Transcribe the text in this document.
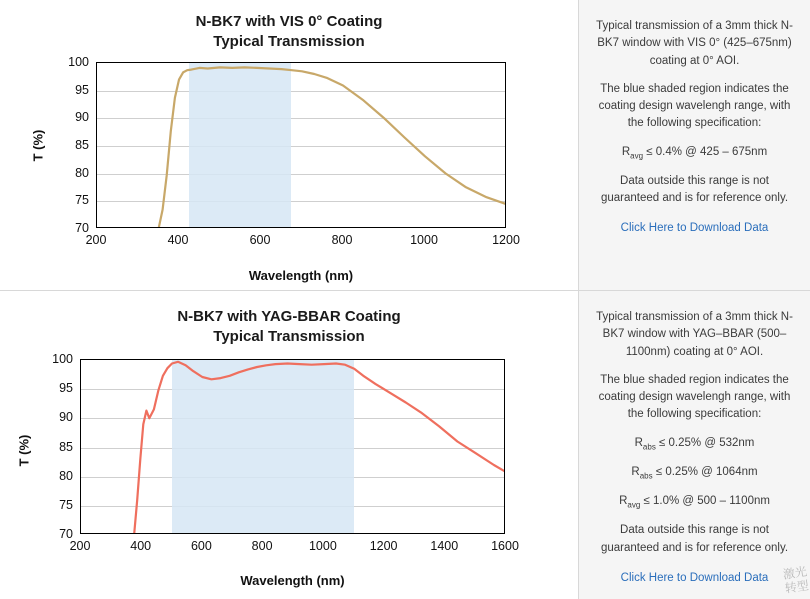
N-BK7 with VIS 0° Coating
Typical Transmission
70
75
80
85
90
95
100
200	400	600	800	1000	1200
T (%)
Wavelength (nm)

Typical transmission of a 3mm thick N-BK7 window with VIS 0° (425–675nm) coating at 0° AOI.

The blue shaded region indicates the coating design wavelengh range, with the following specification:

$R_{avg} \le 0.4\%$ @ 425 – 675nm

Data outside this range is not guaranteed and is for reference only.

Click Here to Download Data
N-BK7 with YAG-BBAR Coating
Typical Transmission
70
75
80
85
90
95
100
200	400	600	800	1000	1200	1400	1600
T (%)
Wavelength (nm)

Typical transmission of a 3mm thick N-BK7 window with YAG–BBAR (500–1100nm) coating at 0° AOI.

The blue shaded region indicates the coating design wavelengh range, with the following specification:

$R_{abs} \le 0.25\%$ @ 532nm

$R_{abs} \le 0.25\%$ @ 1064nm

$R_{avg} \le 1.0\%$ @ 500 – 1100nm

Data outside this range is not guaranteed and is for reference only.

Click Here to Download Data	激光
转型
